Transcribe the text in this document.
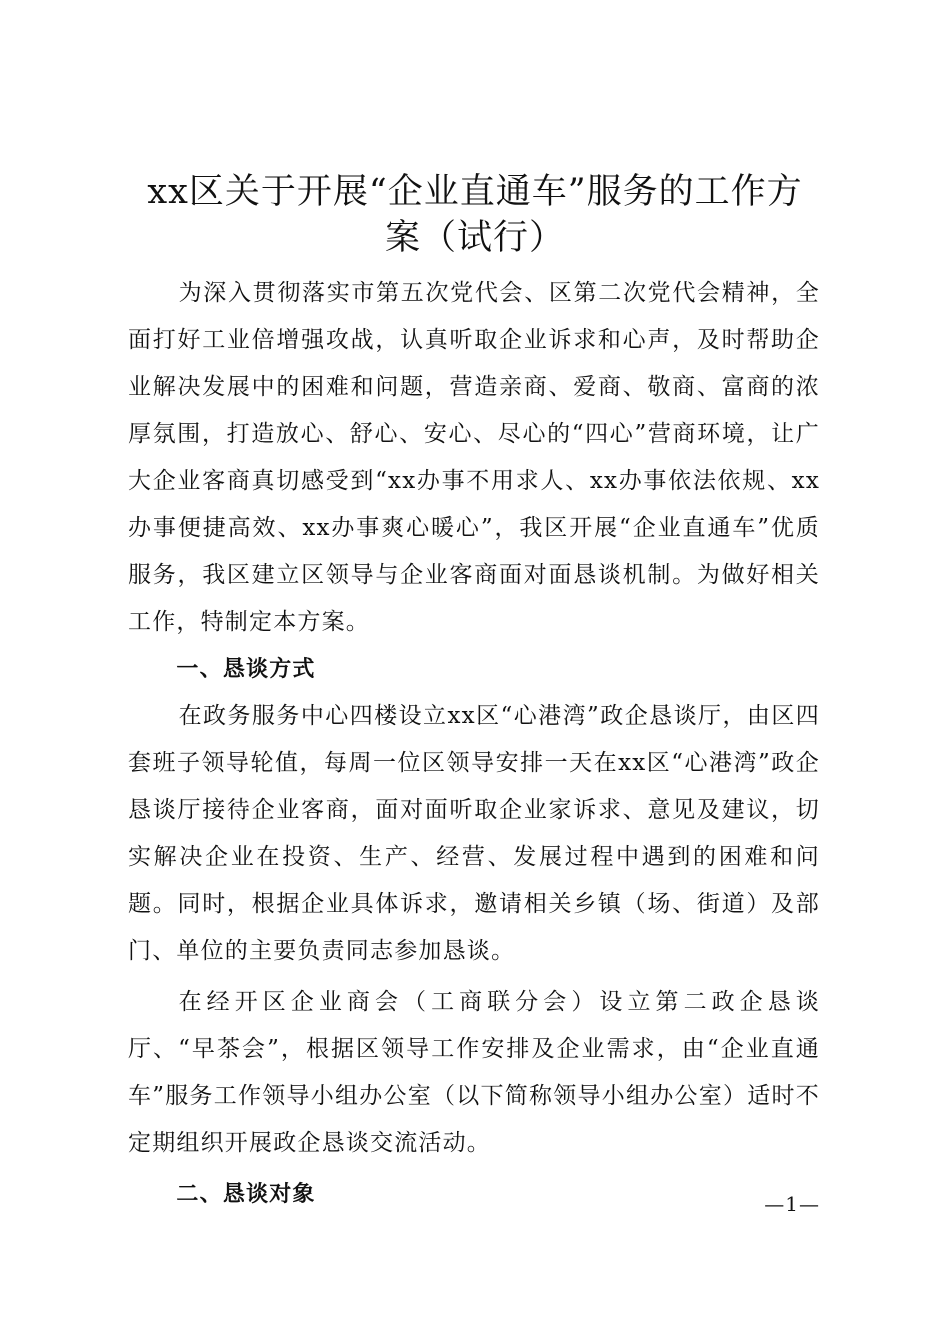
xx区关于开展“企业直通车”服务的工作方
案（试行）

为深入贯彻落实市第五次党代会、区第二次党代会精神，全面打好工业倍增强攻战，认真听取企业诉求和心声，及时帮助企业解决发展中的困难和问题，营造亲商、爱商、敬商、富商的浓厚氛围，打造放心、舒心、安心、尽心的“四心”营商环境，让广大企业客商真切感受到“xx办事不用求人、xx办事依法依规、xx办事便捷高效、xx办事爽心暖心”，我区开展“企业直通车”优质服务，我区建立区领导与企业客商面对面恳谈机制。为做好相关工作，特制定本方案。

一、恳谈方式

在政务服务中心四楼设立xx区“心港湾”政企恳谈厅，由区四套班子领导轮值，每周一位区领导安排一天在xx区“心港湾”政企恳谈厅接待企业客商，面对面听取企业家诉求、意见及建议，切实解决企业在投资、生产、经营、发展过程中遇到的困难和问题。同时，根据企业具体诉求，邀请相关乡镇（场、街道）及部门、单位的主要负责同志参加恳谈。

在经开区企业商会（工商联分会）设立第二政企恳谈厅、“早茶会”，根据区领导工作安排及企业需求，由“企业直通车”服务工作领导小组办公室（以下简称领导小组办公室）适时不定期组织开展政企恳谈交流活动。

二、恳谈对象	—1—
